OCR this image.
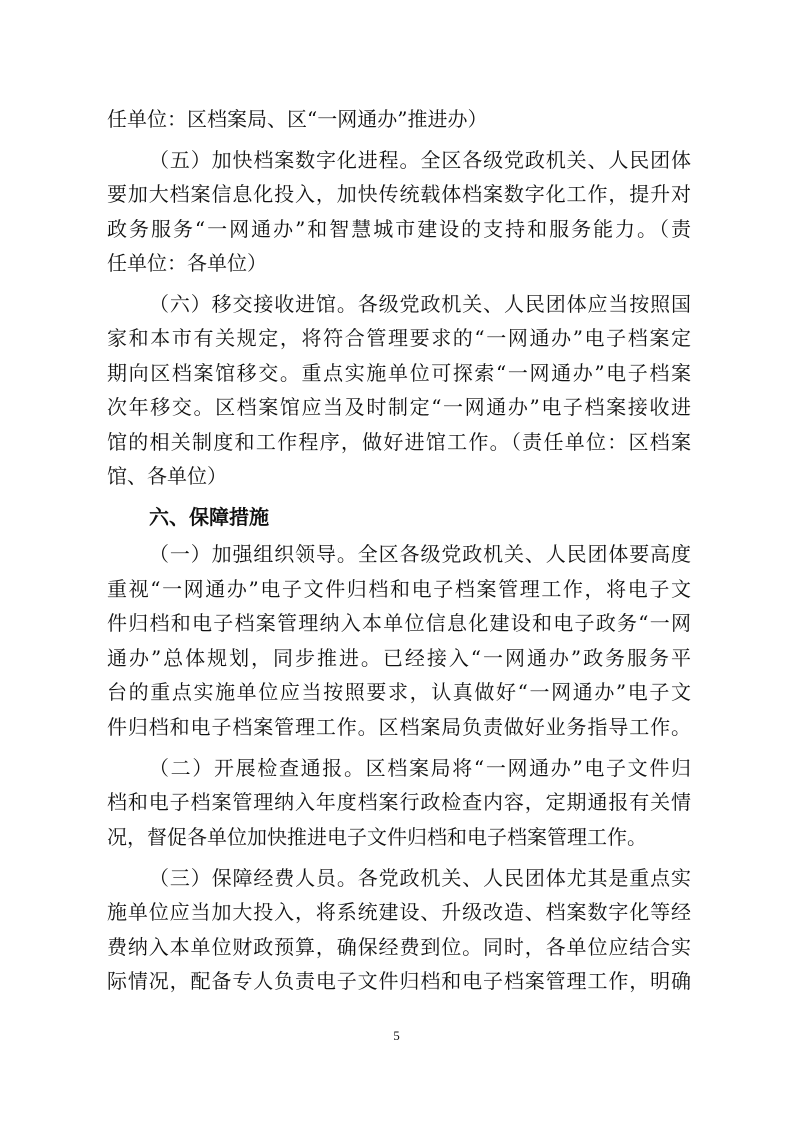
任单位：区档案局、区“一网通办”推进办）
（五）加快档案数字化进程。全区各级党政机关、人民团体
要加大档案信息化投入，加快传统载体档案数字化工作，提升对
政务服务“一网通办”和智慧城市建设的支持和服务能力。（责
任单位：各单位）
（六）移交接收进馆。各级党政机关、人民团体应当按照国
家和本市有关规定，将符合管理要求的“一网通办”电子档案定
期向区档案馆移交。重点实施单位可探索“一网通办”电子档案
次年移交。区档案馆应当及时制定“一网通办”电子档案接收进
馆的相关制度和工作程序，做好进馆工作。（责任单位：区档案
馆、各单位）
六、保障措施
（一）加强组织领导。全区各级党政机关、人民团体要高度
重视“一网通办”电子文件归档和电子档案管理工作，将电子文
件归档和电子档案管理纳入本单位信息化建设和电子政务“一网
通办”总体规划，同步推进。已经接入“一网通办”政务服务平
台的重点实施单位应当按照要求，认真做好“一网通办”电子文
件归档和电子档案管理工作。区档案局负责做好业务指导工作。
（二）开展检查通报。区档案局将“一网通办”电子文件归
档和电子档案管理纳入年度档案行政检查内容，定期通报有关情
况，督促各单位加快推进电子文件归档和电子档案管理工作。
（三）保障经费人员。各党政机关、人民团体尤其是重点实
施单位应当加大投入，将系统建设、升级改造、档案数字化等经
费纳入本单位财政预算，确保经费到位。同时，各单位应结合实
际情况，配备专人负责电子文件归档和电子档案管理工作，明确
5
